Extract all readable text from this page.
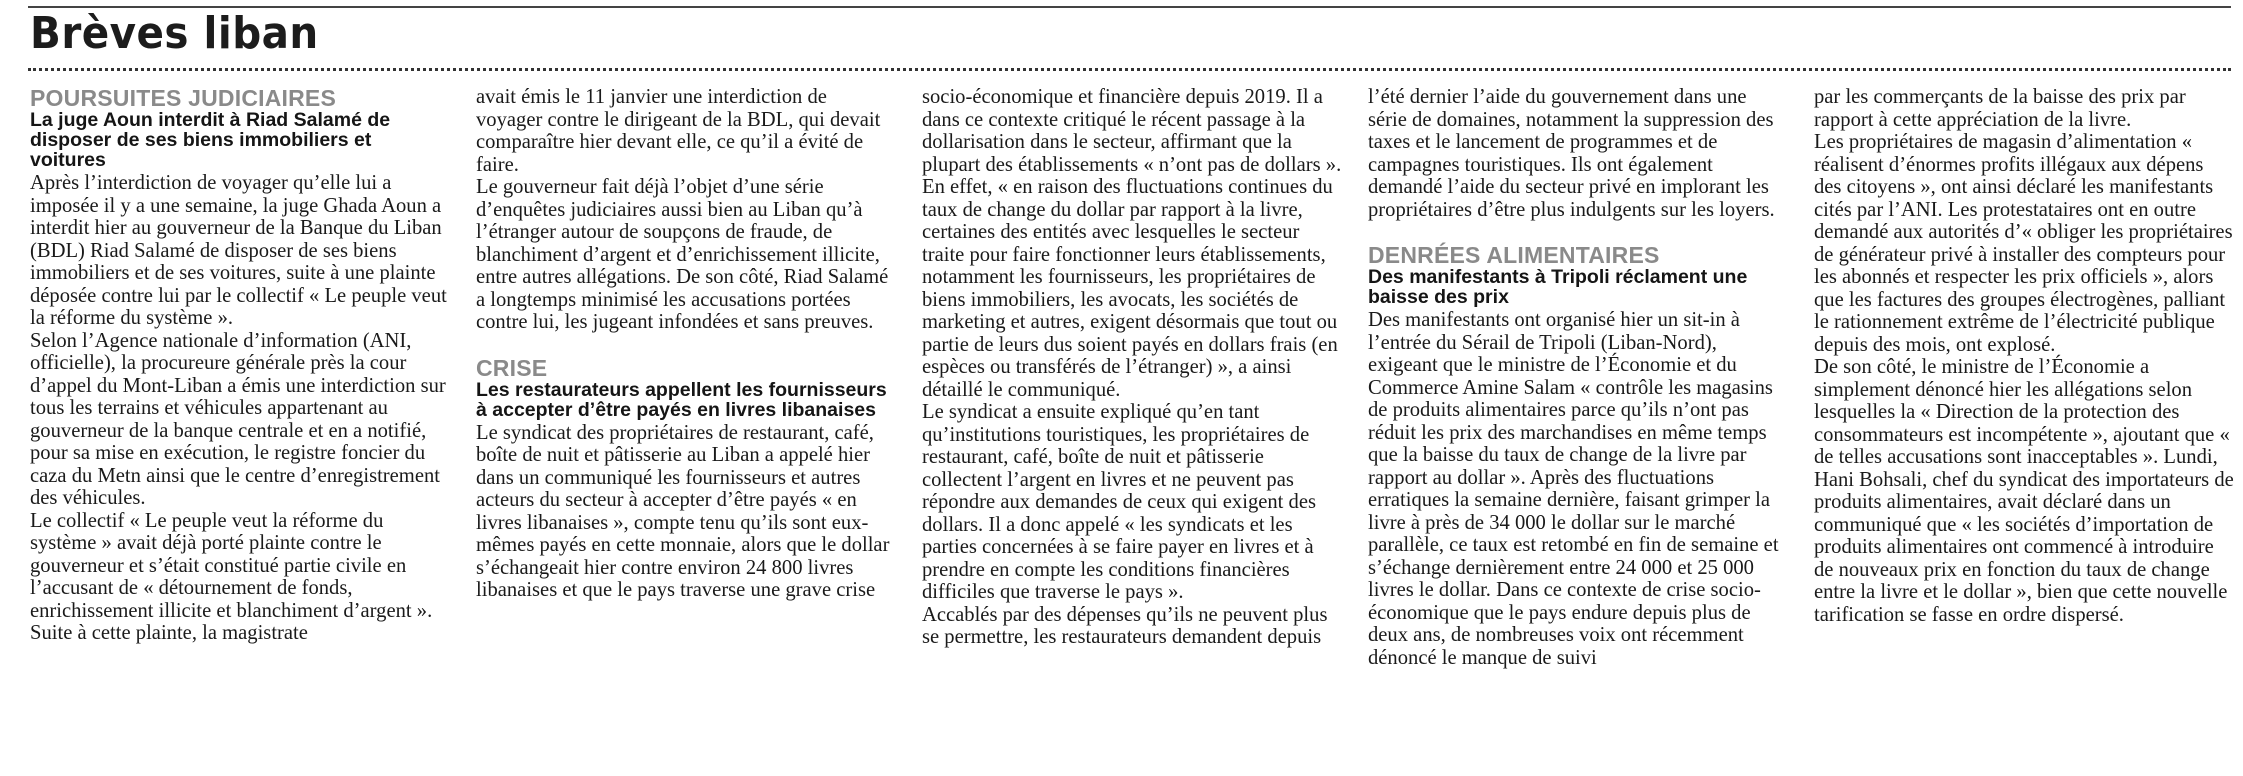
Brèves liban
POURSUITES JUDICIAIRES
La juge Aoun interdit à Riad Salamé de disposer de ses biens immobiliers et voitures

Après l’interdiction de voyager qu’elle lui a imposée il y a une semaine, la juge Ghada Aoun a interdit hier au gouverneur de la Banque du Liban (BDL) Riad Salamé de disposer de ses biens immobiliers et de ses voitures, suite à une plainte déposée contre lui par le collectif « Le peuple veut la réforme du système ».

Selon l’Agence nationale d’information (ANI, officielle), la procureure générale près la cour d’appel du Mont-Liban a émis une interdiction sur tous les terrains et véhicules appartenant au gouverneur de la banque centrale et en a notifié, pour sa mise en exécution, le registre foncier du caza du Metn ainsi que le centre d’enregistrement des véhicules.

Le collectif « Le peuple veut la réforme du système » avait déjà porté plainte contre le gouverneur et s’était constitué partie civile en l’accusant de « détournement de fonds, enrichissement illicite et blanchiment d’argent ». Suite à cette plainte, la magistrate

avait émis le 11 janvier une interdiction de voyager contre le dirigeant de la BDL, qui devait comparaître hier devant elle, ce qu’il a évité de faire.

Le gouverneur fait déjà l’objet d’une série d’enquêtes judiciaires aussi bien au Liban qu’à l’étranger autour de soupçons de fraude, de blanchiment d’argent et d’enrichissement illicite, entre autres allégations. De son côté, Riad Salamé a longtemps minimisé les accusations portées contre lui, les jugeant infondées et sans preuves.

CRISE
Les restaurateurs appellent les fournisseurs à accepter d’être payés en livres libanaises

Le syndicat des propriétaires de restaurant, café, boîte de nuit et pâtisserie au Liban a appelé hier dans un communiqué les fournisseurs et autres acteurs du secteur à accepter d’être payés « en livres libanaises », compte tenu qu’ils sont eux-mêmes payés en cette monnaie, alors que le dollar s’échangeait hier contre environ 24 800 livres libanaises et que le pays traverse une grave crise

socio-économique et financière depuis 2019. Il a dans ce contexte critiqué le récent passage à la dollarisation dans le secteur, affirmant que la plupart des établissements « n’ont pas de dollars ». En effet, « en raison des fluctuations continues du taux de change du dollar par rapport à la livre, certaines des entités avec lesquelles le secteur traite pour faire fonctionner leurs établissements, notamment les fournisseurs, les propriétaires de biens immobiliers, les avocats, les sociétés de marketing et autres, exigent désormais que tout ou partie de leurs dus soient payés en dollars frais (en espèces ou transférés de l’étranger) », a ainsi détaillé le communiqué.

Le syndicat a ensuite expliqué qu’en tant qu’institutions touristiques, les propriétaires de restaurant, café, boîte de nuit et pâtisserie collectent l’argent en livres et ne peuvent pas répondre aux demandes de ceux qui exigent des dollars. Il a donc appelé « les syndicats et les parties concernées à se faire payer en livres et à prendre en compte les conditions financières difficiles que traverse le pays ».

Accablés par des dépenses qu’ils ne peuvent plus se permettre, les restaurateurs demandent depuis

l’été dernier l’aide du gouvernement dans une série de domaines, notamment la suppression des taxes et le lancement de programmes et de campagnes touristiques. Ils ont également demandé l’aide du secteur privé en implorant les propriétaires d’être plus indulgents sur les loyers.

DENRÉES ALIMENTAIRES
Des manifestants à Tripoli réclament une baisse des prix

Des manifestants ont organisé hier un sit-in à l’entrée du Sérail de Tripoli (Liban-Nord), exigeant que le ministre de l’Économie et du Commerce Amine Salam « contrôle les magasins de produits alimentaires parce qu’ils n’ont pas réduit les prix des marchandises en même temps que la baisse du taux de change de la livre par rapport au dollar ». Après des fluctuations erratiques la semaine dernière, faisant grimper la livre à près de 34 000 le dollar sur le marché parallèle, ce taux est retombé en fin de semaine et s’échange dernièrement entre 24 000 et 25 000 livres le dollar. Dans ce contexte de crise socio-économique que le pays endure depuis plus de deux ans, de nombreuses voix ont récemment dénoncé le manque de suivi

par les commerçants de la baisse des prix par rapport à cette appréciation de la livre.

Les propriétaires de magasin d’alimentation « réalisent d’énormes profits illégaux aux dépens des citoyens », ont ainsi déclaré les manifestants cités par l’ANI. Les protestataires ont en outre demandé aux autorités d’« obliger les propriétaires de générateur privé à installer des compteurs pour les abonnés et respecter les prix officiels », alors que les factures des groupes électrogènes, palliant le rationnement extrême de l’électricité publique depuis des mois, ont explosé.

De son côté, le ministre de l’Économie a simplement dénoncé hier les allégations selon lesquelles la « Direction de la protection des consommateurs est incompétente », ajoutant que « de telles accusations sont inacceptables ». Lundi, Hani Bohsali, chef du syndicat des importateurs de produits alimentaires, avait déclaré dans un communiqué que « les sociétés d’importation de produits alimentaires ont commencé à introduire de nouveaux prix en fonction du taux de change entre la livre et le dollar », bien que cette nouvelle tarification se fasse en ordre dispersé.
